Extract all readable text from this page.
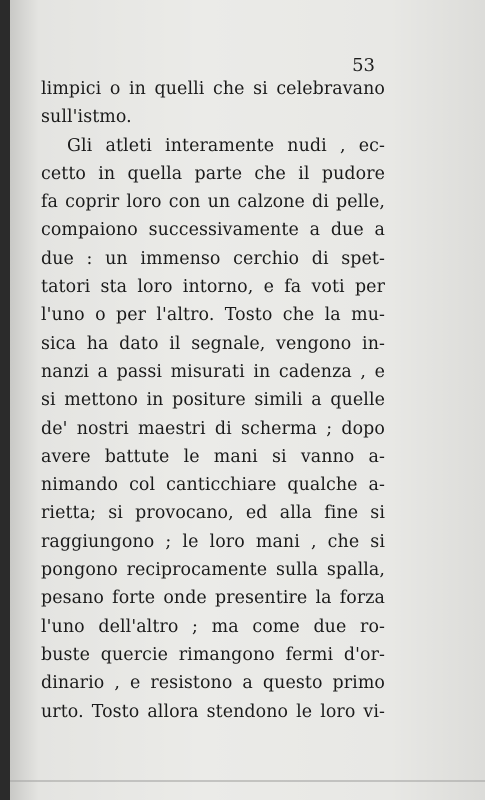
53
limpici o in quelli che si celebravano
sull'istmo.
Gli atleti interamente nudi , ec-
cetto in quella parte che il pudore
fa coprir loro con un calzone di pelle,
compaiono successivamente a due a
due : un immenso cerchio di spet-
tatori sta loro intorno, e fa voti per
l'uno o per l'altro. Tosto che la mu-
sica ha dato il segnale, vengono in-
nanzi a passi misurati in cadenza , e
si mettono in positure simili a quelle
de' nostri maestri di scherma ; dopo
avere battute le mani si vanno a-
nimando col canticchiare qualche a-
rietta; si provocano, ed alla fine si
raggiungono ; le loro mani , che si
pongono reciprocamente sulla spalla,
pesano forte onde presentire la forza
l'uno dell'altro ; ma come due ro-
buste quercie rimangono fermi d'or-
dinario , e resistono a questo primo
urto. Tosto allora stendono le loro vi-
